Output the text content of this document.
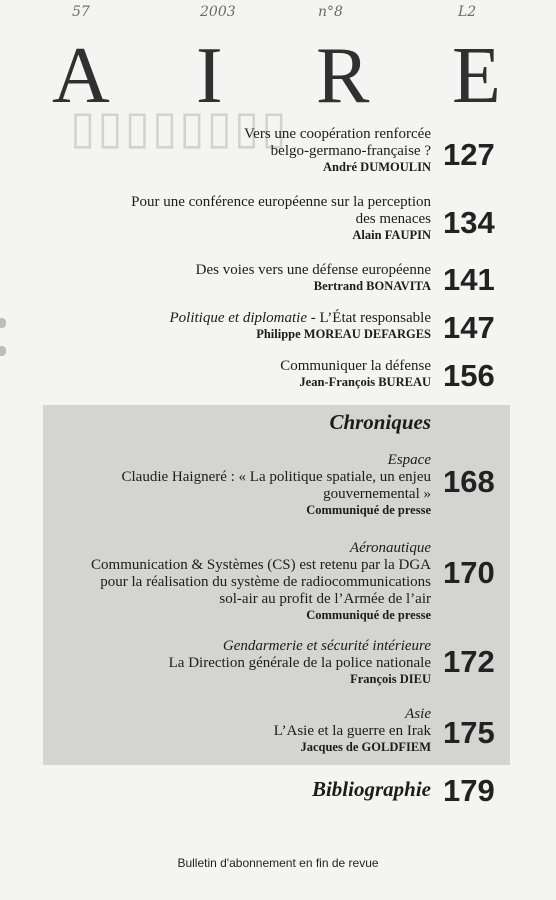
▯▯▯▯▯▯▯▯
57	2003	n°8	L2
A I R E
Vers une coopération renforcée
belgo-germano-française ?
André DUMOULIN 127
Pour une conférence européenne sur la perception
des menaces
Alain FAUPIN 134
Des voies vers une défense européenne
Bertrand BONAVITA 141
Politique et diplomatie - L’État responsable
Philippe MOREAU DEFARGES 147
Communiquer la défense
Jean-François BUREAU 156
Chroniques
Espace
Claudie Haigneré : « La politique spatiale, un enjeu
gouvernemental »
Communiqué de presse
168
Aéronautique
Communication & Systèmes (CS) est retenu par la DGA
pour la réalisation du système de radiocommunications
sol-air au profit de l’Armée de l’air
Communiqué de presse
170
Gendarmerie et sécurité intérieure
La Direction générale de la police nationale
François DIEU 172
Asie
L’Asie et la guerre en Irak
Jacques de GOLDFIEM 175
Bibliographie 179
Bulletin d'abonnement en fin de revue
